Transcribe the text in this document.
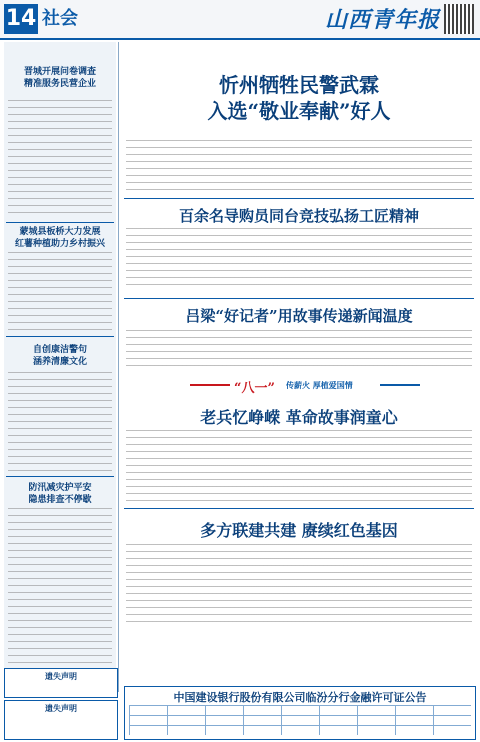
14 社会	山西青年报
晋城开展问卷调查
精准服务民营企业
蒙城县板桥大力发展
红薯种植助力乡村振兴
自创康洁警句
涵养清廉文化
防汛减灾护平安
隐患排查不停歇
遗失声明
遗失声明
忻州牺牲民警武霖
入选“敬业奉献”好人
百余名导购员同台竞技弘扬工匠精神
吕梁“好记者”用故事传递新闻温度
“八一” 传薪火 厚植爱国情
老兵忆峥嵘 革命故事润童心
多方联建共建 赓续红色基因
中国建设银行股份有限公司临汾分行金融许可证公告
